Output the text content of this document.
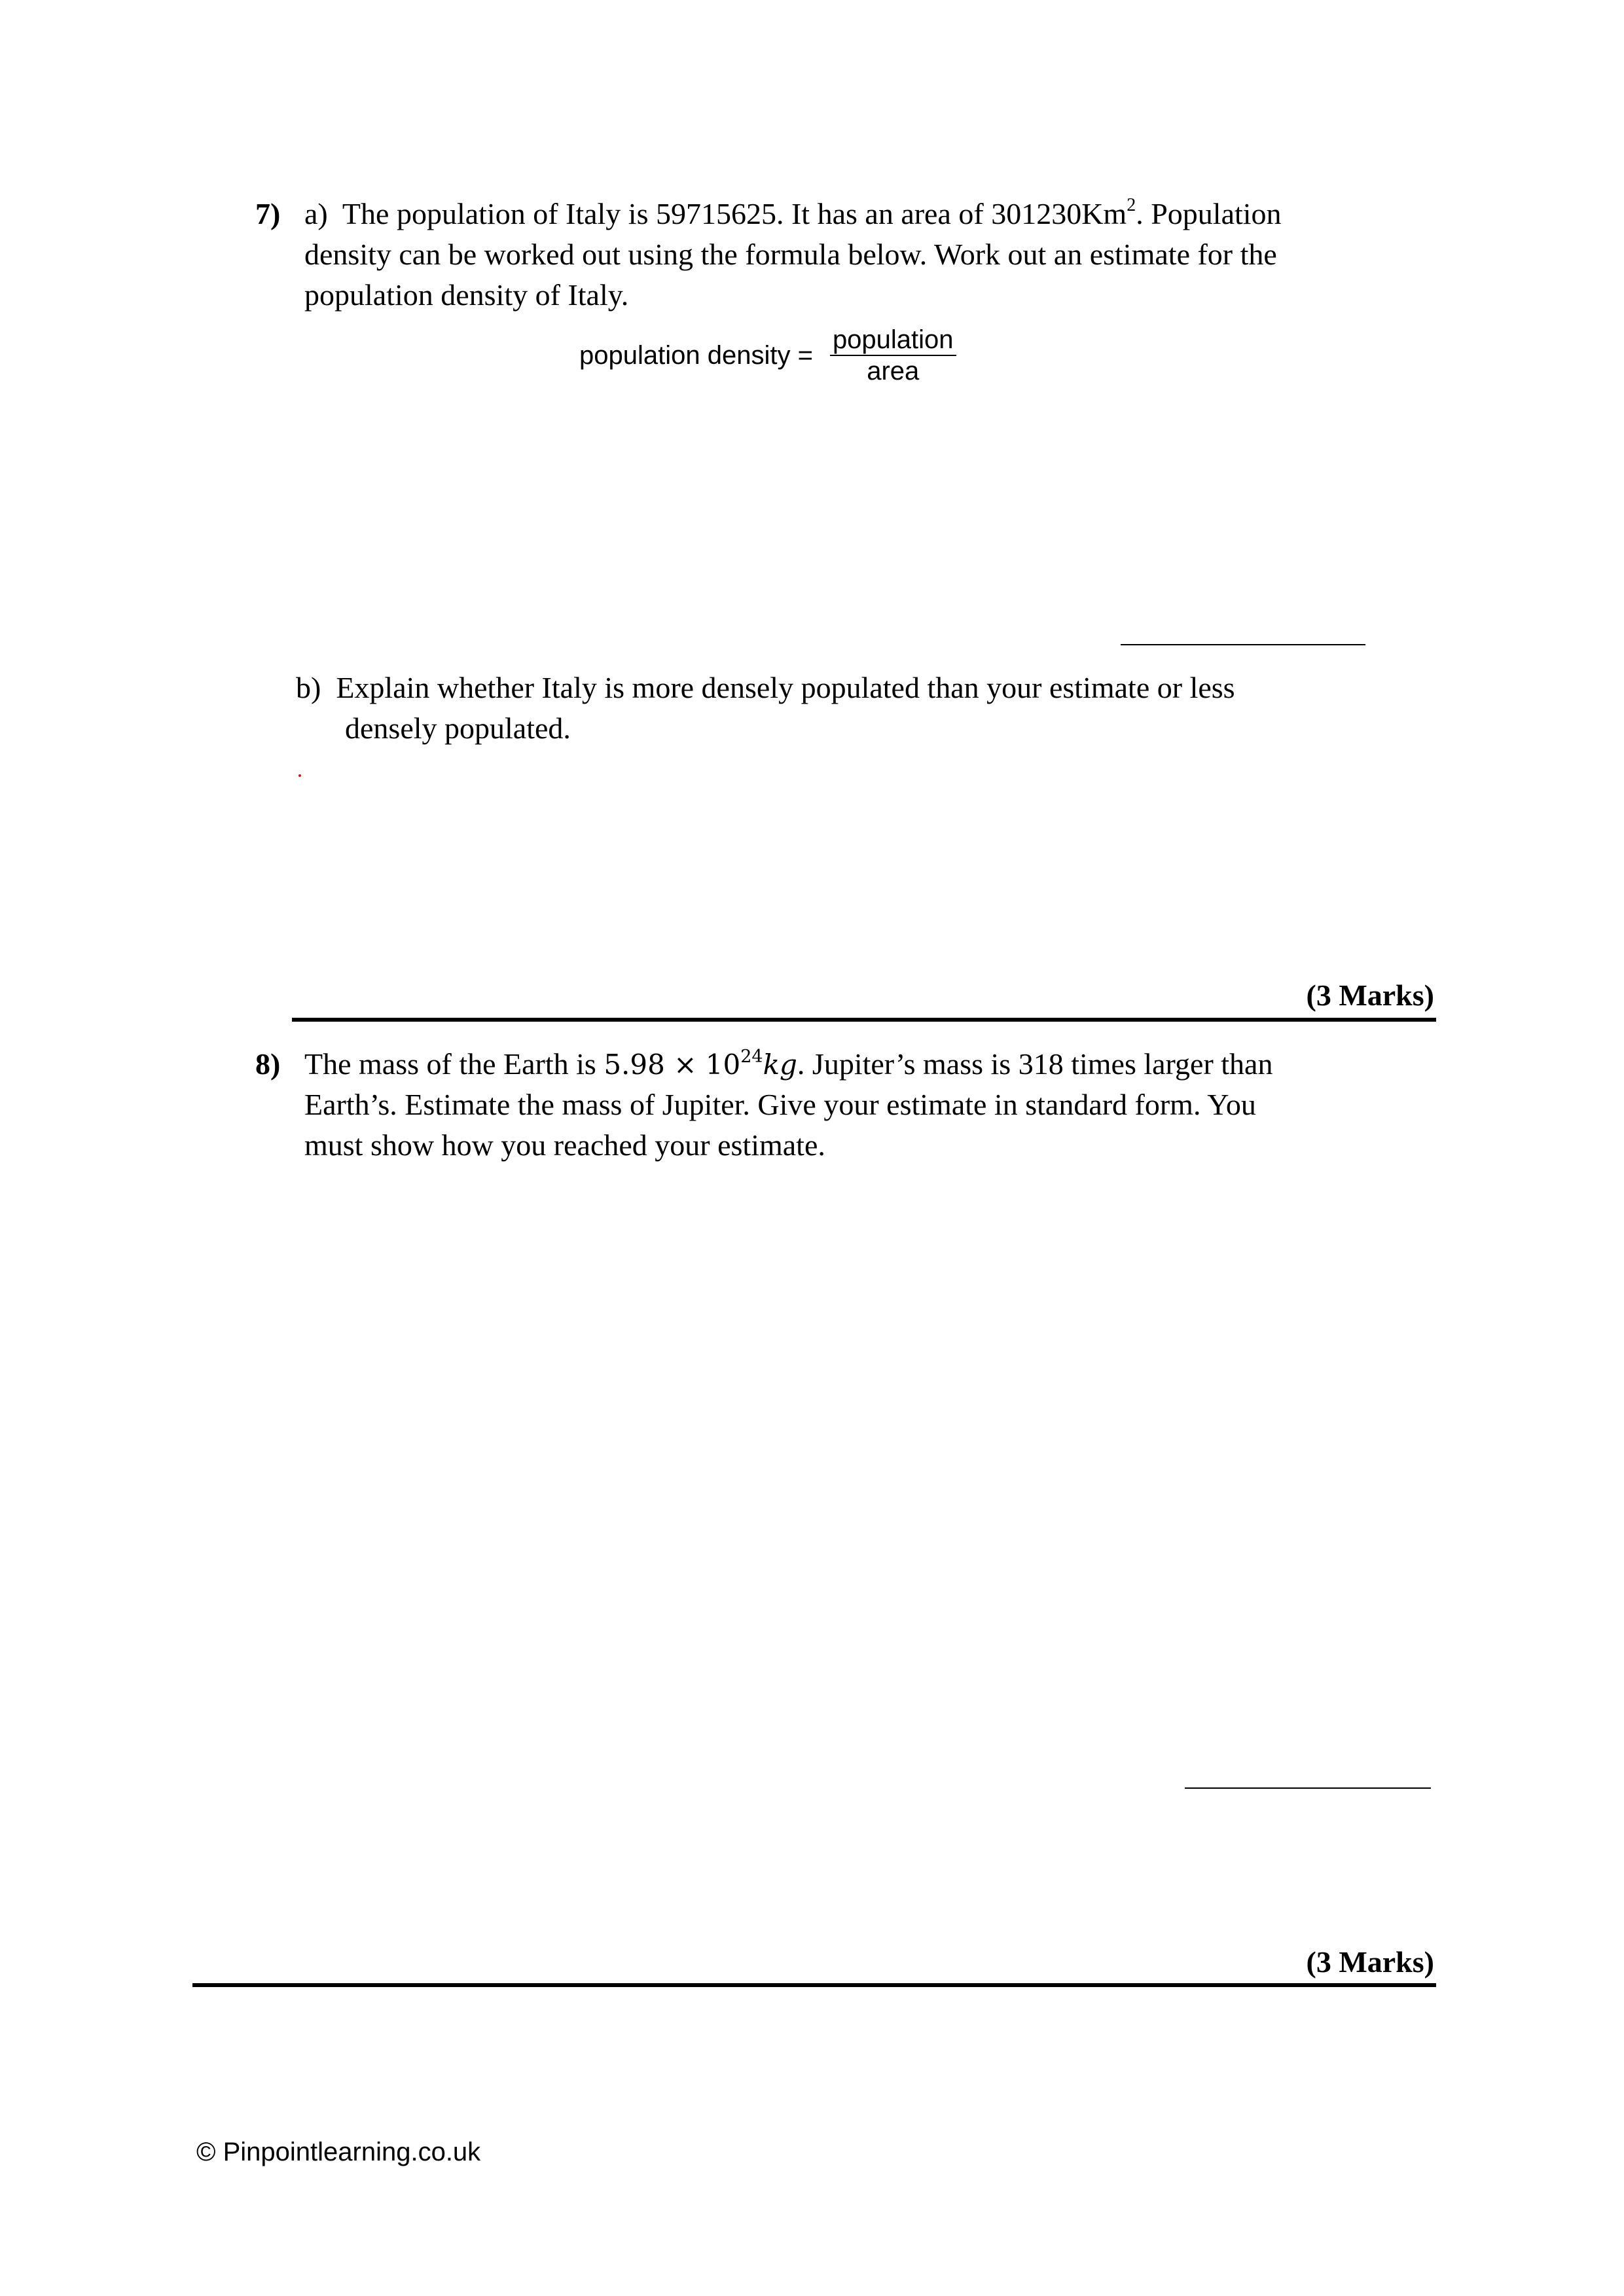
7) a) The population of Italy is 59715625. It has an area of 301230Km$^2$. Population
density can be worked out using the formula below. Work out an estimate for the
population density of Italy.
population density = $\frac{\text{population}}{\text{area}}$
b) Explain whether Italy is more densely populated than your estimate or less
densely populated.
(3 Marks)
8) The mass of the Earth is $5.98 \times 10^{24}kg$. Jupiter’s mass is 318 times larger than
Earth’s. Estimate the mass of Jupiter. Give your estimate in standard form. You
must show how you reached your estimate.
(3 Marks)
© Pinpointlearning.co.uk
